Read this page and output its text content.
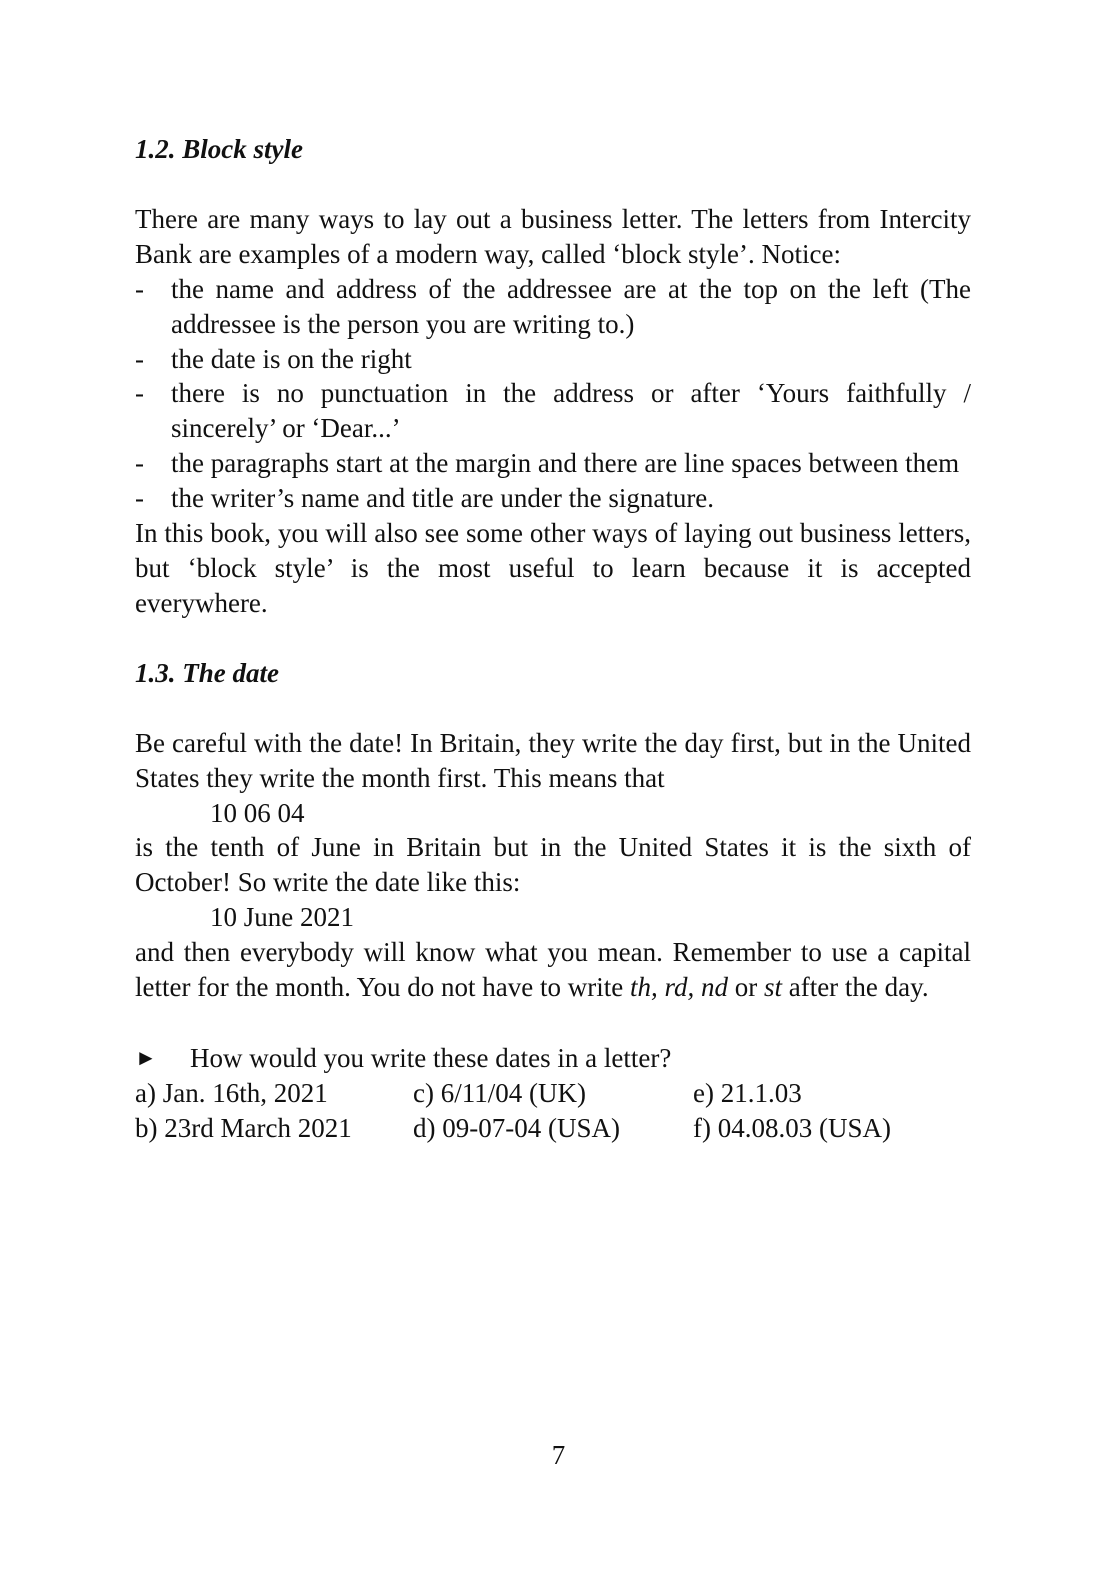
1.2. Block style

There are many ways to lay out a business letter. The letters from Intercity Bank are examples of a modern way, called ‘block style’. Notice:

- the name and address of the addressee are at the top on the left (The addressee is the person you are writing to.)
- the date is on the right
- there is no punctuation in the address or after ‘Yours faithfully / sincerely’ or ‘Dear...’
- the paragraphs start at the margin and there are line spaces between them
- the writer’s name and title are under the signature.

In this book, you will also see some other ways of laying out business letters, but ‘block style’ is the most useful to learn because it is accepted everywhere.

1.3. The date

Be careful with the date! In Britain, they write the day first, but in the United States they write the month first. This means that

10 06 04

is the tenth of June in Britain but in the United States it is the sixth of October! So write the date like this:

10 June 2021

and then everybody will know what you mean. Remember to use a capital letter for the month. You do not have to write th, rd, nd or st after the day.

►	How would you write these dates in a letter?

a) Jan. 16th, 2021	c) 6/11/04 (UK)	e) 21.1.03
b) 23rd March 2021	d) 09-07-04 (USA)	f) 04.08.03 (USA)
7
